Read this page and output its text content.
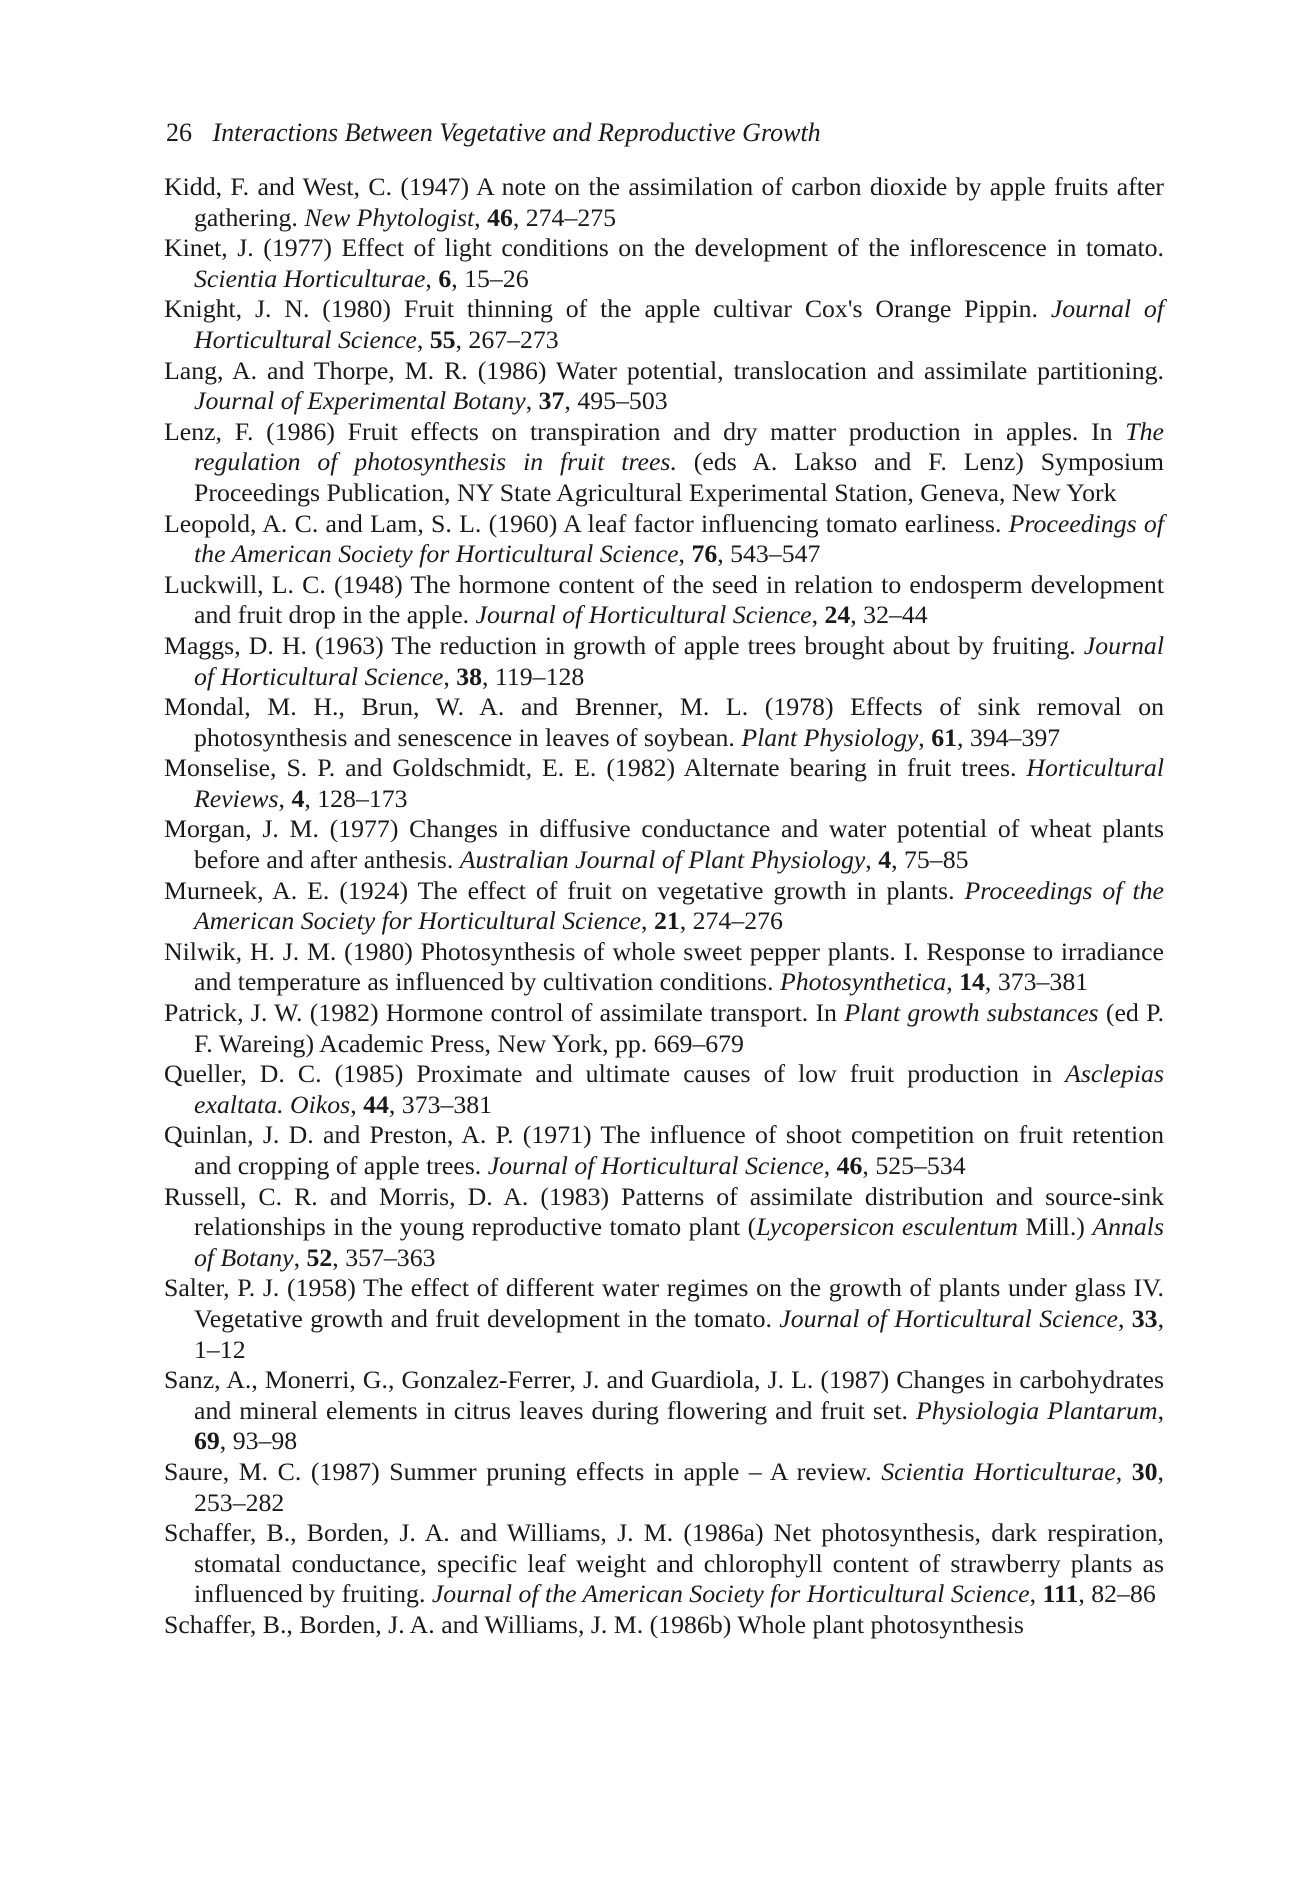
26 Interactions Between Vegetative and Reproductive Growth

Kidd, F. and West, C. (1947) A note on the assimilation of carbon dioxide by apple fruits after gathering. New Phytologist, 46, 274–275

Kinet, J. (1977) Effect of light conditions on the development of the inflorescence in tomato. Scientia Horticulturae, 6, 15–26

Knight, J. N. (1980) Fruit thinning of the apple cultivar Cox's Orange Pippin. Journal of Horticultural Science, 55, 267–273

Lang, A. and Thorpe, M. R. (1986) Water potential, translocation and assimilate partitioning. Journal of Experimental Botany, 37, 495–503

Lenz, F. (1986) Fruit effects on transpiration and dry matter production in apples. In The regulation of photosynthesis in fruit trees. (eds A. Lakso and F. Lenz) Symposium Proceedings Publication, NY State Agricultural Experimental Station, Geneva, New York

Leopold, A. C. and Lam, S. L. (1960) A leaf factor influencing tomato earliness. Proceedings of the American Society for Horticultural Science, 76, 543–547

Luckwill, L. C. (1948) The hormone content of the seed in relation to endosperm development and fruit drop in the apple. Journal of Horticultural Science, 24, 32–44

Maggs, D. H. (1963) The reduction in growth of apple trees brought about by fruiting. Journal of Horticultural Science, 38, 119–128

Mondal, M. H., Brun, W. A. and Brenner, M. L. (1978) Effects of sink removal on photosynthesis and senescence in leaves of soybean. Plant Physiology, 61, 394–397

Monselise, S. P. and Goldschmidt, E. E. (1982) Alternate bearing in fruit trees. Horticultural Reviews, 4, 128–173

Morgan, J. M. (1977) Changes in diffusive conductance and water potential of wheat plants before and after anthesis. Australian Journal of Plant Physiology, 4, 75–85

Murneek, A. E. (1924) The effect of fruit on vegetative growth in plants. Proceedings of the American Society for Horticultural Science, 21, 274–276

Nilwik, H. J. M. (1980) Photosynthesis of whole sweet pepper plants. I. Response to irradiance and temperature as influenced by cultivation conditions. Photosynthetica, 14, 373–381

Patrick, J. W. (1982) Hormone control of assimilate transport. In Plant growth substances (ed P. F. Wareing) Academic Press, New York, pp. 669–679

Queller, D. C. (1985) Proximate and ultimate causes of low fruit production in Asclepias exaltata. Oikos, 44, 373–381

Quinlan, J. D. and Preston, A. P. (1971) The influence of shoot competition on fruit retention and cropping of apple trees. Journal of Horticultural Science, 46, 525–534

Russell, C. R. and Morris, D. A. (1983) Patterns of assimilate distribution and source-sink relationships in the young reproductive tomato plant (Lycopersicon esculentum Mill.) Annals of Botany, 52, 357–363

Salter, P. J. (1958) The effect of different water regimes on the growth of plants under glass IV. Vegetative growth and fruit development in the tomato. Journal of Horticultural Science, 33, 1–12

Sanz, A., Monerri, G., Gonzalez-Ferrer, J. and Guardiola, J. L. (1987) Changes in carbohydrates and mineral elements in citrus leaves during flowering and fruit set. Physiologia Plantarum, 69, 93–98

Saure, M. C. (1987) Summer pruning effects in apple – A review. Scientia Horticulturae, 30, 253–282

Schaffer, B., Borden, J. A. and Williams, J. M. (1986a) Net photosynthesis, dark respiration, stomatal conductance, specific leaf weight and chlorophyll content of strawberry plants as influenced by fruiting. Journal of the American Society for Horticultural Science, 111, 82–86

Schaffer, B., Borden, J. A. and Williams, J. M. (1986b) Whole plant photosynthesis
